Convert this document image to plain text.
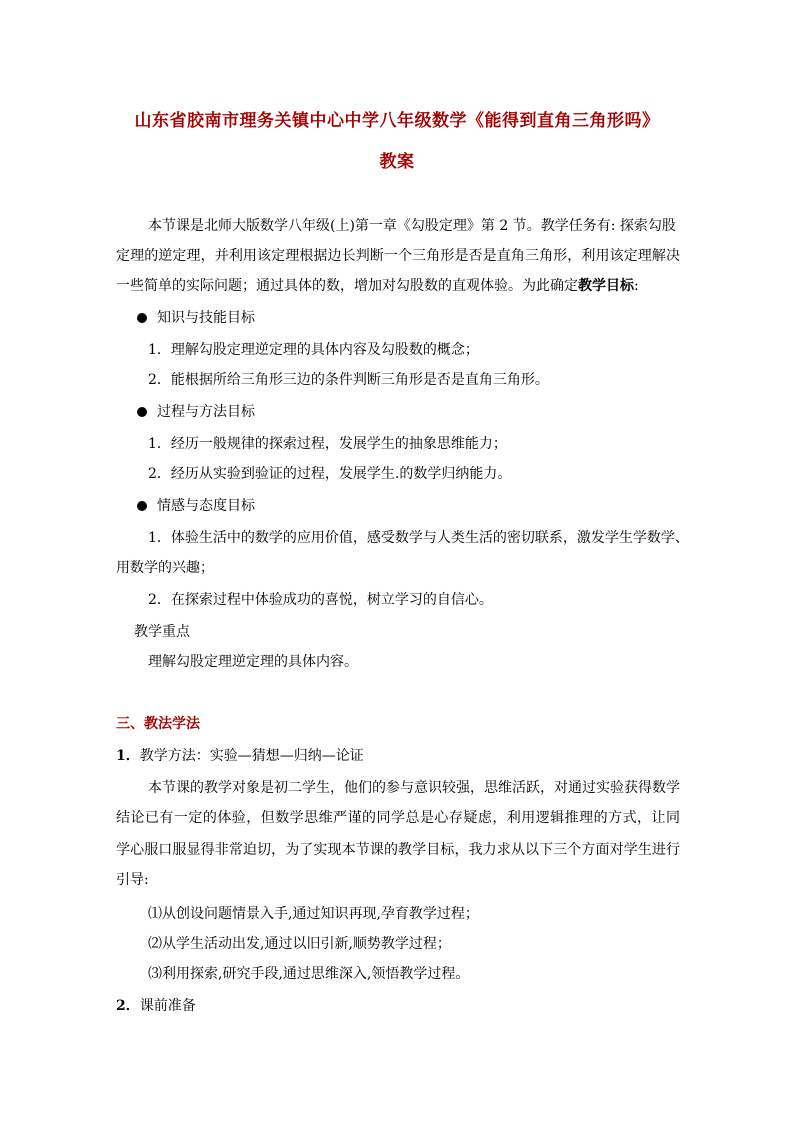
山东省胶南市理务关镇中心中学八年级数学《能得到直角三角形吗》
教案
本节课是北师大版数学八年级(上)第一章《勾股定理》第 2 节。教学任务有: 探索勾股
定理的逆定理，并利用该定理根据边长判断一个三角形是否是直角三角形，利用该定理解决
一些简单的实际问题；通过具体的数，增加对勾股数的直观体验。为此确定教学目标:
知识与技能目标
1．理解勾股定理逆定理的具体内容及勾股数的概念；
2．能根据所给三角形三边的条件判断三角形是否是直角三角形。
过程与方法目标
1．经历一般规律的探索过程，发展学生的抽象思维能力；
2．经历从实验到验证的过程，发展学生.的数学归纳能力。
情感与态度目标
1．体验生活中的数学的应用价值，感受数学与人类生活的密切联系，激发学生学数学、
用数学的兴趣；
2．在探索过程中体验成功的喜悦，树立学习的自信心。
教学重点
理解勾股定理逆定理的具体内容。
三、教法学法
1．教学方法：实验—猜想—归纳—论证
本节课的教学对象是初二学生，他们的参与意识较强，思维活跃，对通过实验获得数学
结论已有一定的体验，但数学思维严谨的同学总是心存疑虑，利用逻辑推理的方式，让同
学心服口服显得非常迫切，为了实现本节课的教学目标，我力求从以下三个方面对学生进行
引导:
⑴从创设问题情景入手,通过知识再现,孕育教学过程；
⑵从学生活动出发,通过以旧引新,顺势教学过程；
⑶利用探索,研究手段,通过思维深入,领悟教学过程。
2．课前准备
